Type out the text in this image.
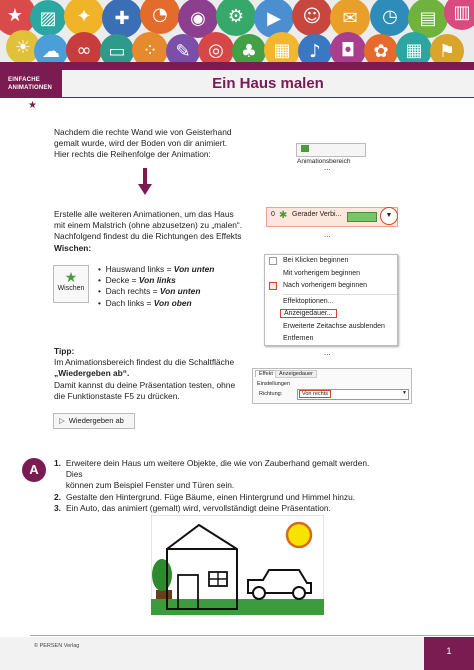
★ ▨	✦	✚	◔	◉	⚙	▶	☺	✉	◷	▤ ▥
☀ ☁ ∞ ▭ ⁘ ✎ ◎ ♣ ▦	♪	◘	✿ ▦ ⚑
EINFACHE ANIMATIONEN	Ein Haus malen
★
Nachdem die rechte Wand wie von Geisterhand
gemalt wurde, wird der Boden von dir animiert.
Hier rechts die Reihenfolge der Animation:
Animationsbereich
...
Erstelle alle weiteren Animationen, um das Haus
mit einem Malstrich (ohne abzusetzen) zu „malen“.
Nachfolgend findest du die Richtungen des Effekts
Wischen:
0 ✱ Gerader Verbi...	▼
...
★
Wischen
•  Hauswand links = Von unten
•  Decke = Von links
•  Dach rechts = Von unten
•  Dach links = Von oben
Bei Klicken beginnen
Mit vorherigem beginnen
Nach vorherigem beginnen
Effektoptionen...
Anzeigedauer...
Erweiterte Zeitachse ausblenden
Entfernen
...
Tipp:
Im Animationsbereich findest du die Schaltfläche
„Wiedergeben ab“.
Damit kannst du deine Präsentation testen, ohne
die Funktionstaste F5 zu drücken.
Effekt	Anzeigedauer
Einstellungen
Richtung:	Von rechts	▼
▷ Wiedergeben ab
A	1. Erweitere dein Haus um weitere Objekte, die wie von Zauberhand gemalt werden. Dies
können zum Beispiel Fenster und Türen sein.
2. Gestalte den Hintergrund. Füge Bäume, einen Hintergrund und Himmel hinzu.
3. Ein Auto, das animiert (gemalt) wird, vervollständigt deine Präsentation.
© PERSEN Verlag	1
